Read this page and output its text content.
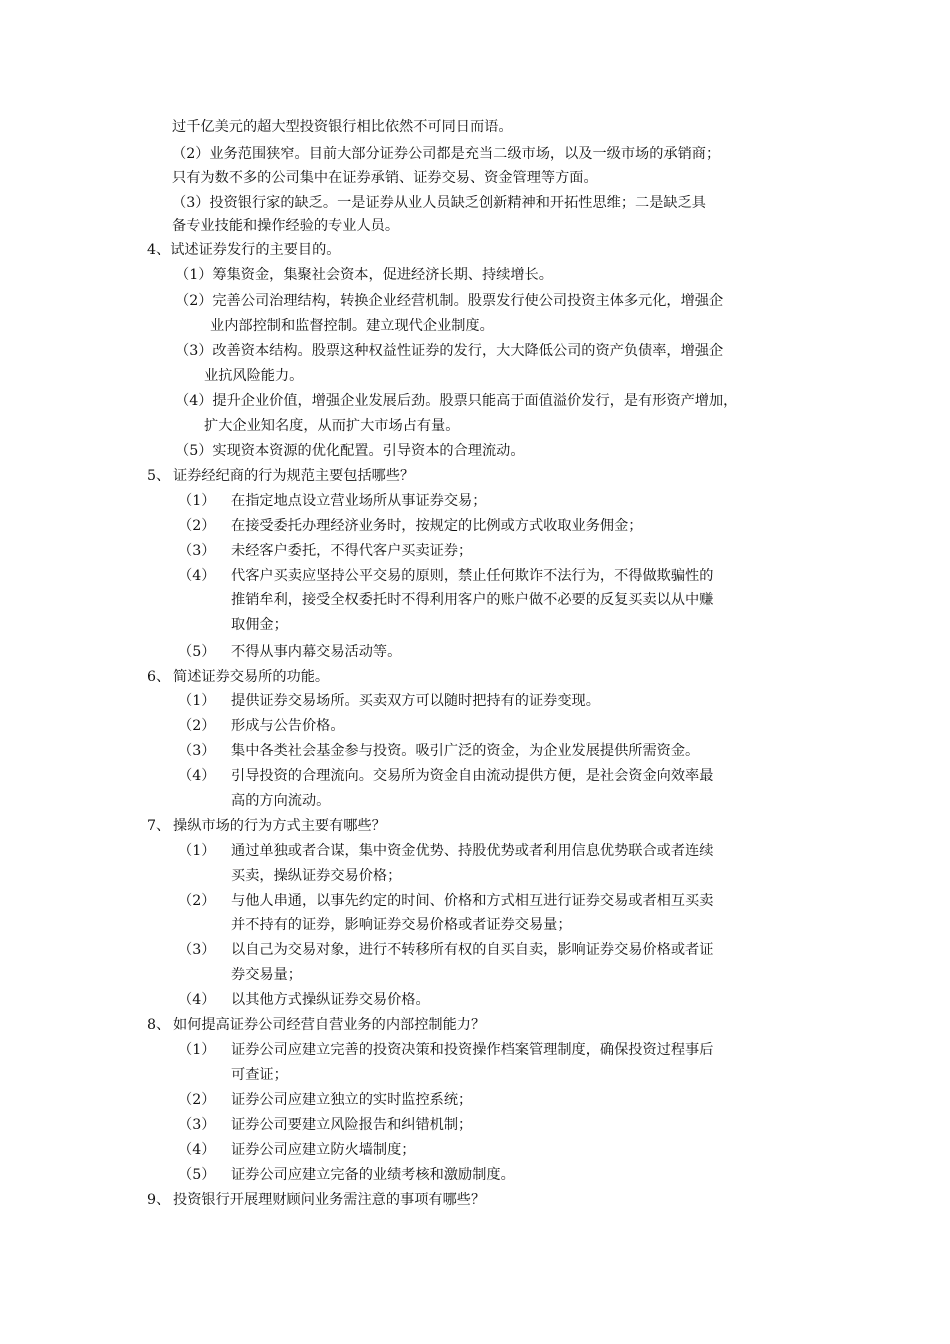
过千亿美元的超大型投资银行相比依然不可同日而语。
（2）业务范围狭窄。目前大部分证券公司都是充当二级市场，以及一级市场的承销商；
只有为数不多的公司集中在证券承销、证券交易、资金管理等方面。
（3）投资银行家的缺乏。一是证券从业人员缺乏创新精神和开拓性思维；二是缺乏具
备专业技能和操作经验的专业人员。
4、试述证券发行的主要目的。
（1）筹集资金，集聚社会资本，促进经济长期、持续增长。
（2）完善公司治理结构，转换企业经营机制。股票发行使公司投资主体多元化，增强企
业内部控制和监督控制。建立现代企业制度。
（3）改善资本结构。股票这种权益性证券的发行，大大降低公司的资产负债率，增强企
业抗风险能力。
（4）提升企业价值，增强企业发展后劲。股票只能高于面值溢价发行，是有形资产增加，
扩大企业知名度，从而扩大市场占有量。
（5）实现资本资源的优化配置。引导资本的合理流动。
5、 证券经纪商的行为规范主要包括哪些？
（1） 在指定地点设立营业场所从事证券交易；
（2） 在接受委托办理经济业务时，按规定的比例或方式收取业务佣金；
（3） 未经客户委托，不得代客户买卖证券；
（4） 代客户买卖应坚持公平交易的原则，禁止任何欺诈不法行为，不得做欺骗性的
推销牟利，接受全权委托时不得利用客户的账户做不必要的反复买卖以从中赚
取佣金；
（5） 不得从事内幕交易活动等。
6、 简述证券交易所的功能。
（1） 提供证券交易场所。买卖双方可以随时把持有的证券变现。
（2） 形成与公告价格。
（3） 集中各类社会基金参与投资。吸引广泛的资金，为企业发展提供所需资金。
（4） 引导投资的合理流向。交易所为资金自由流动提供方便，是社会资金向效率最
高的方向流动。
7、 操纵市场的行为方式主要有哪些？
（1） 通过单独或者合谋，集中资金优势、持股优势或者利用信息优势联合或者连续
买卖，操纵证券交易价格；
（2） 与他人串通，以事先约定的时间、价格和方式相互进行证券交易或者相互买卖
并不持有的证券，影响证券交易价格或者证券交易量；
（3） 以自己为交易对象，进行不转移所有权的自买自卖，影响证券交易价格或者证
券交易量；
（4） 以其他方式操纵证券交易价格。
8、 如何提高证券公司经营自营业务的内部控制能力？
（1） 证券公司应建立完善的投资决策和投资操作档案管理制度，确保投资过程事后
可查证；
（2） 证券公司应建立独立的实时监控系统；
（3） 证券公司要建立风险报告和纠错机制；
（4） 证券公司应建立防火墙制度；
（5） 证券公司应建立完备的业绩考核和激励制度。
9、 投资银行开展理财顾问业务需注意的事项有哪些？
